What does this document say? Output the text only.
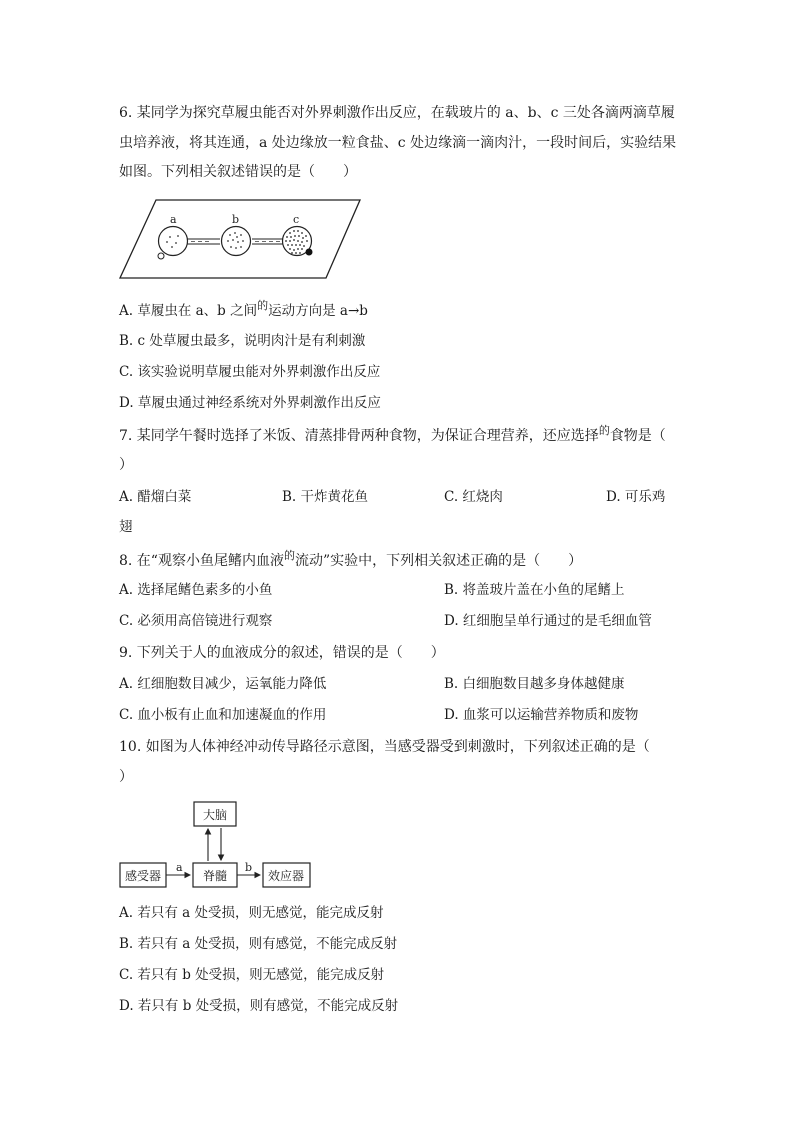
6. 某同学为探究草履虫能否对外界刺激作出反应，在载玻片的 a、b、c 三处各滴两滴草履
虫培养液，将其连通，a 处边缘放一粒食盐、c 处边缘滴一滴肉汁，一段时间后，实验结果
如图。下列相关叙述错误的是（　　）
a	b	c
A. 草履虫在 a、b 之间$^的$运动方向是 a→b
B. c 处草履虫最多，说明肉汁是有利刺激
C. 该实验说明草履虫能对外界刺激作出反应
D. 草履虫通过神经系统对外界刺激作出反应
7. 某同学午餐时选择了米饭、清蒸排骨两种食物，为保证合理营养，还应选择$^的$食物是（
）
A. 醋熘白菜	B. 干炸黄花鱼	C. 红烧肉	D. 可乐鸡
翅
8. 在“观察小鱼尾鳍内血液$^的$流动”实验中，下列相关叙述正确的是（　　）
A. 选择尾鳍色素多的小鱼	B. 将盖玻片盖在小鱼的尾鳍上
C. 必须用高倍镜进行观察	D. 红细胞呈单行通过的是毛细血管
9. 下列关于人的血液成分的叙述，错误的是（　　）
A. 红细胞数目减少，运氧能力降低	B. 白细胞数目越多身体越健康
C. 血小板有止血和加速凝血的作用	D. 血浆可以运输营养物质和废物
10. 如图为人体神经冲动传导路径示意图，当感受器受到刺激时，下列叙述正确的是（
）
大脑
感受器	脊髓	效应器
a	b
A. 若只有 a 处受损，则无感觉，能完成反射
B. 若只有 a 处受损，则有感觉，不能完成反射
C. 若只有 b 处受损，则无感觉，能完成反射
D. 若只有 b 处受损，则有感觉，不能完成反射
